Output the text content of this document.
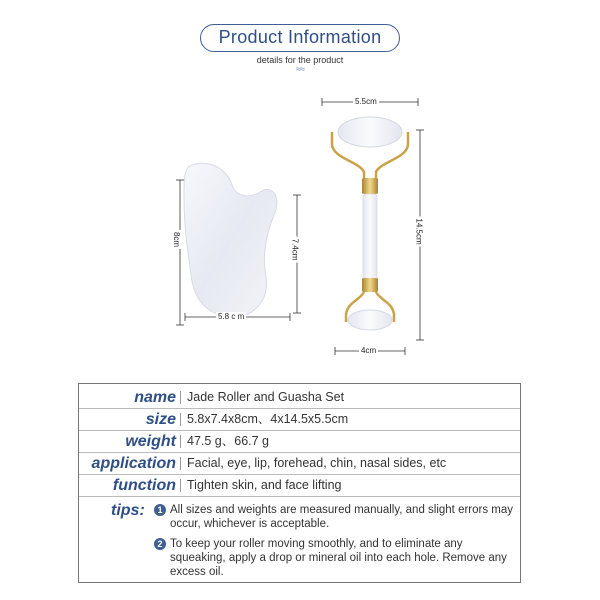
Product Information
details for the product
≈≈
8cm	7.4cm
5.8 c m
5.5cm
14.5cm
4cm
name Jade Roller and Guasha Set
size 5.8x7.4x8cm、4x14.5x5.5cm
weight 47.5 g、66.7 g
application Facial, eye, lip, forehead, chin, nasal sides, etc
function Tighten skin, and face lifting
tips:	1 All sizes and weights are measured manually, and slight errors may occur, whichever is acceptable.
2 To keep your roller moving smoothly, and to eliminate any squeaking, apply a drop or mineral oil into each hole. Remove any excess oil.
